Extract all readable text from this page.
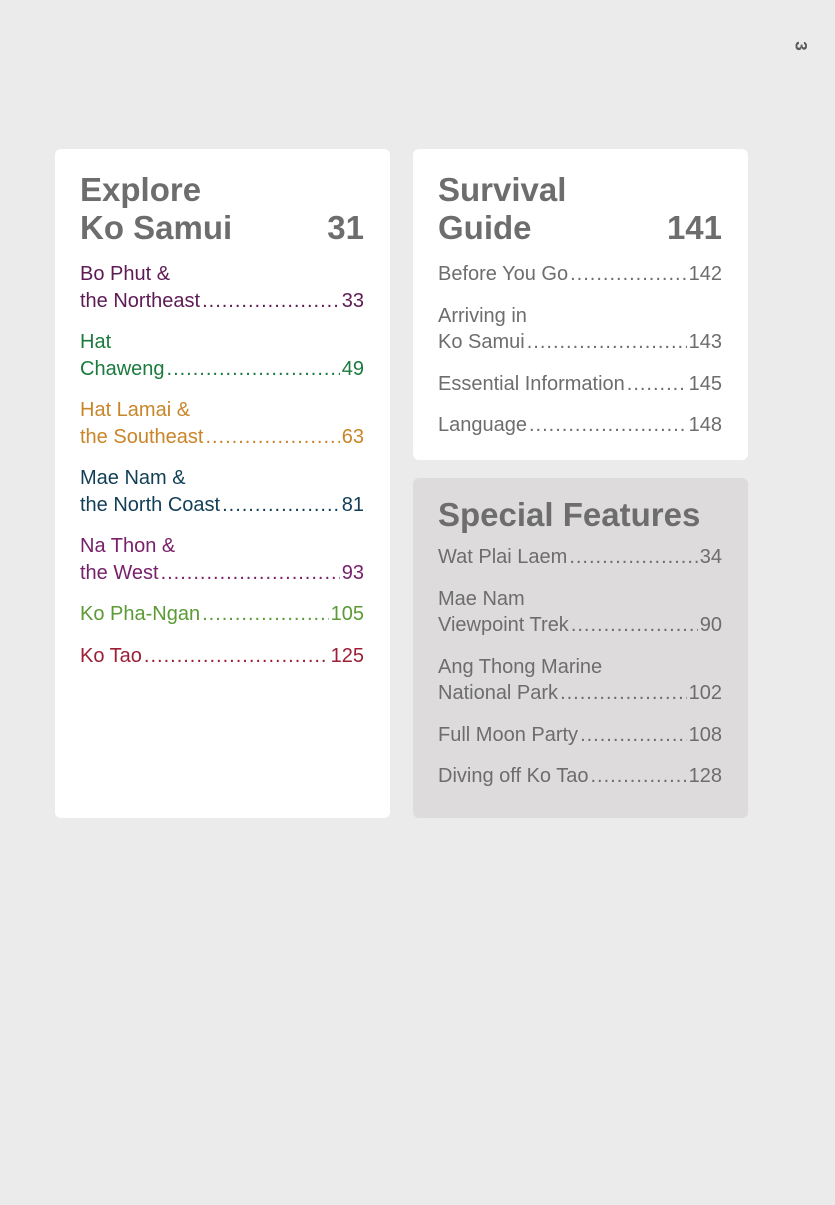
3
Explore
Ko Samui	31
Bo Phut &
the Northeast .....	33
Hat
Chaweng .....	49
Hat Lamai &
the Southeast .....	63
Mae Nam &
the North Coast .....	81
Na Thon &
the West .....	93
Ko Pha-Ngan .....	105
Ko Tao .....	125
Survival
Guide	141
Before You Go .....	142
Arriving in
Ko Samui .....	143
Essential Information .....	145
Language .....	148
Special Features
Wat Plai Laem .....	34
Mae Nam
Viewpoint Trek .....	90
Ang Thong Marine
National Park .....	102
Full Moon Party .....	108
Diving off Ko Tao .....	128
